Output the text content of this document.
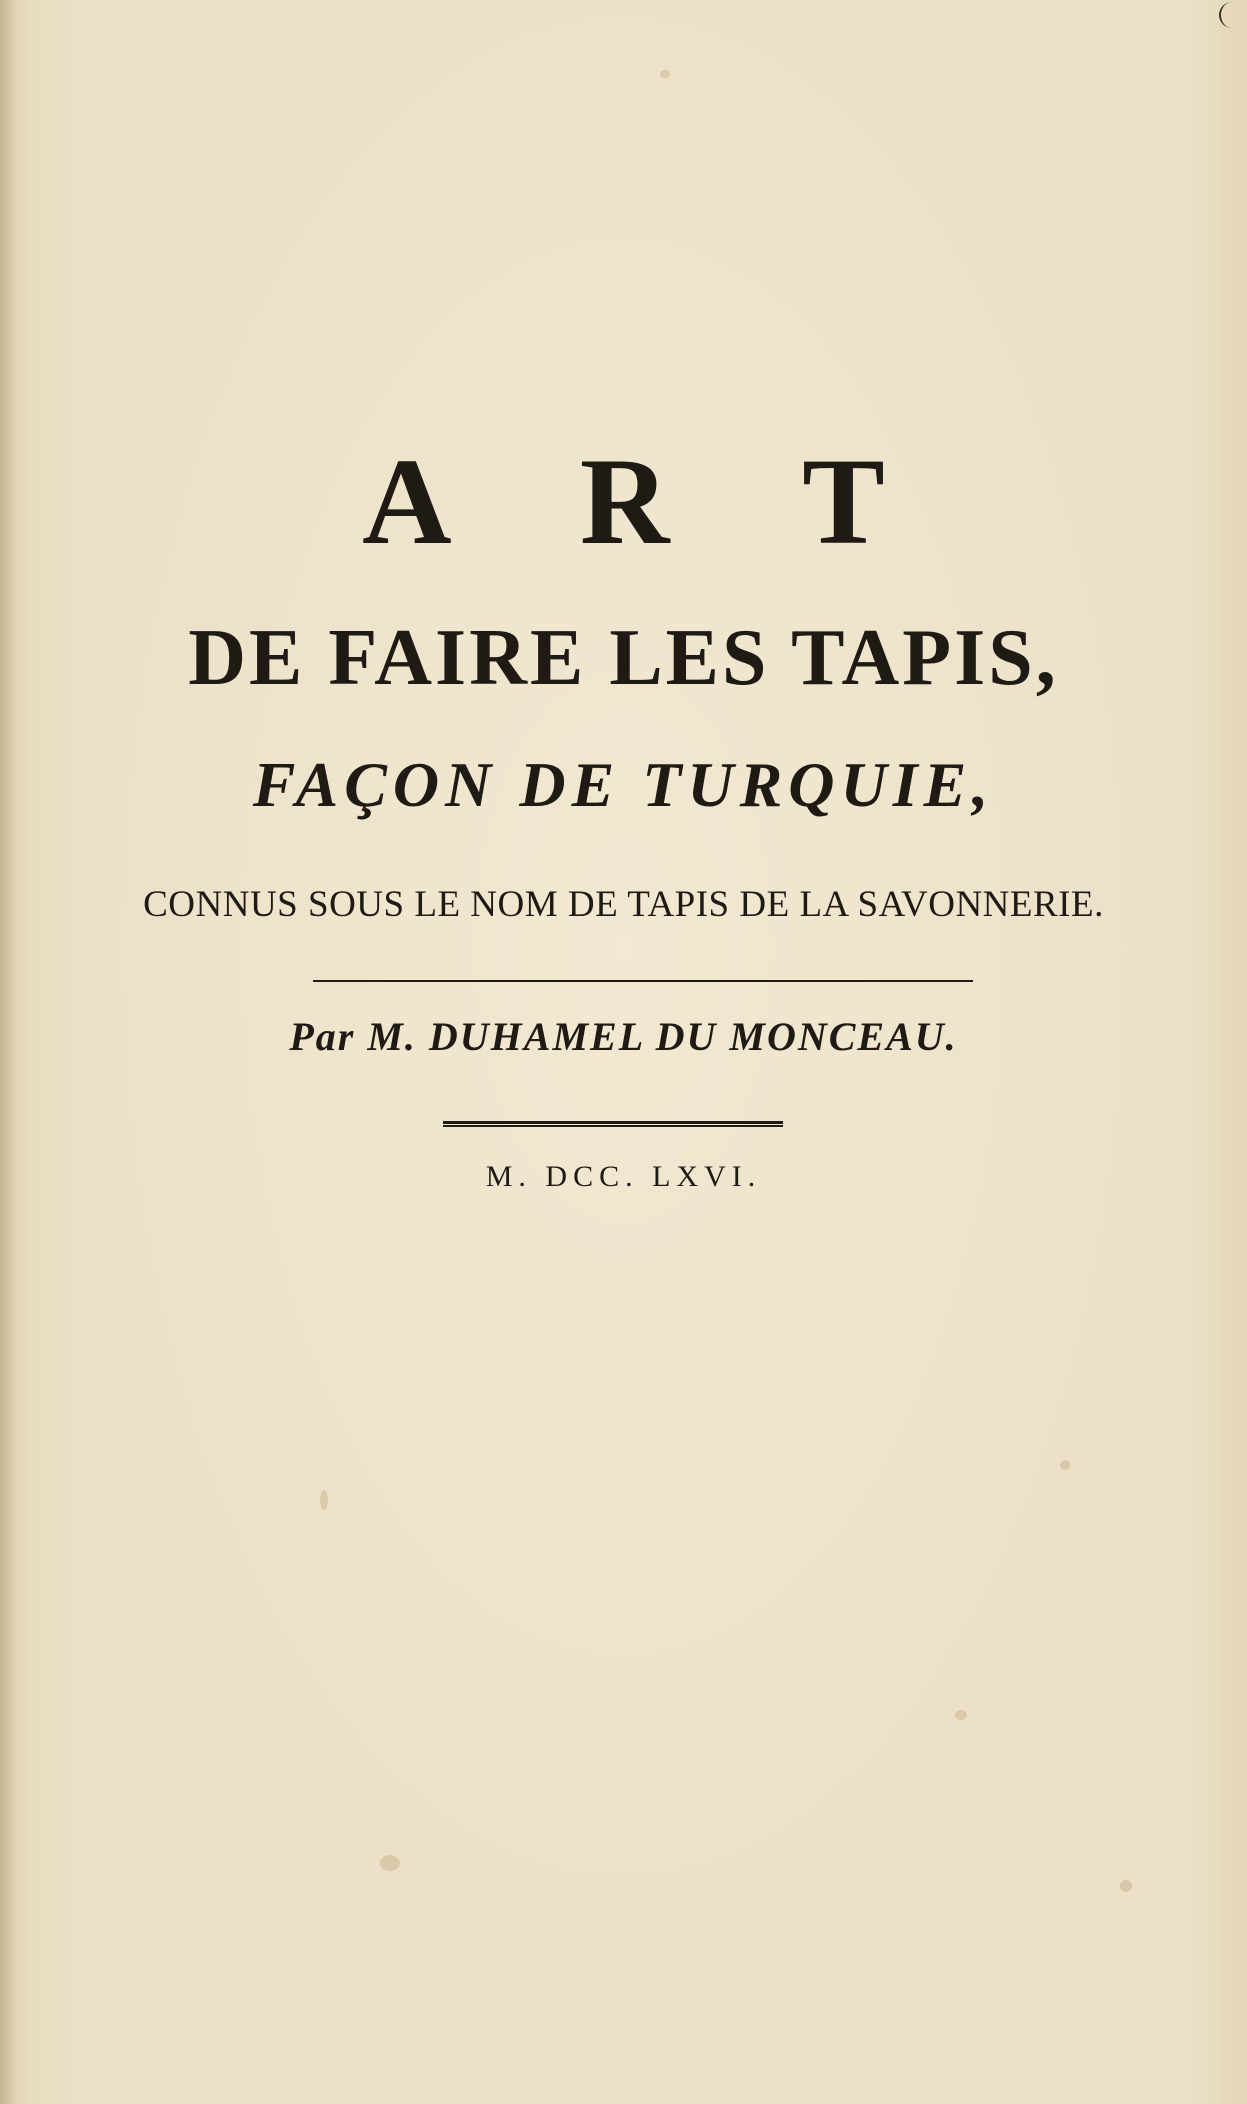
A R T
DE FAIRE LES TAPIS,
FAÇON DE TURQUIE,
CONNUS SOUS LE NOM DE TAPIS DE LA SAVONNERIE.
Par M. DUHAMEL DU MONCEAU.
M. DCC. LXVI.
